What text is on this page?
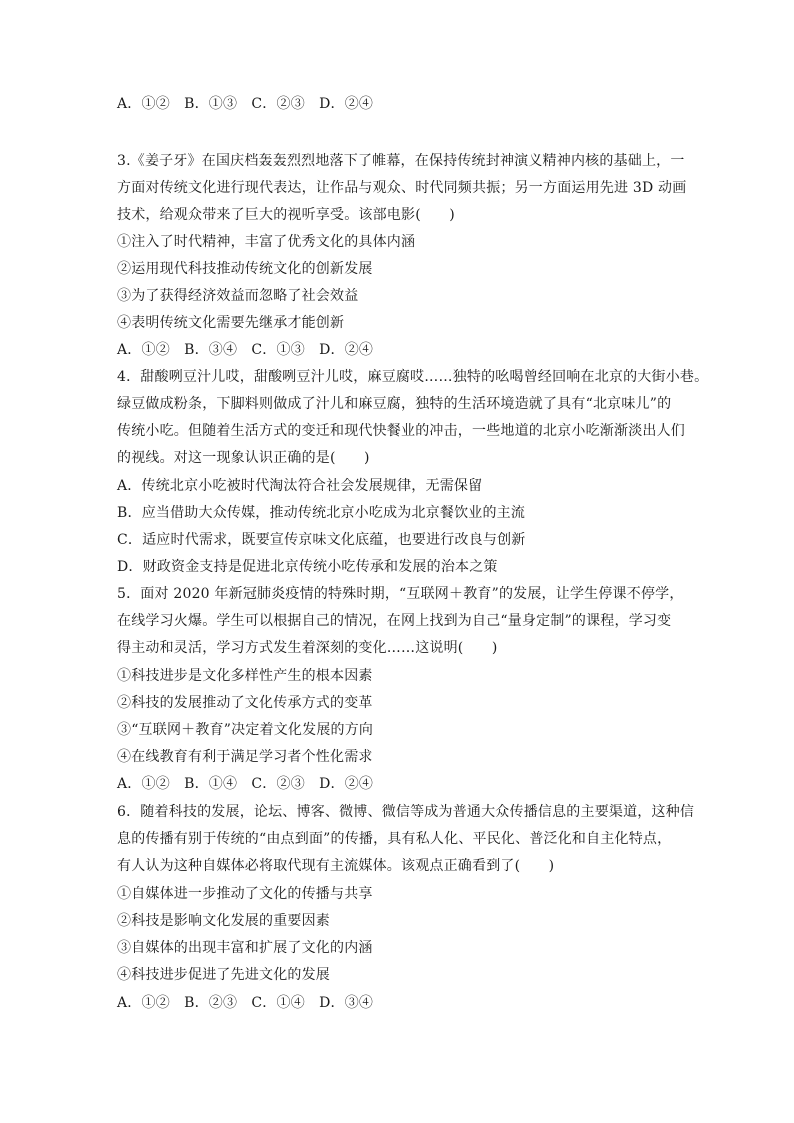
A．①②　B．①③　C．②③　D．②④
3.《姜子牙》在国庆档轰轰烈烈地落下了帷幕，在保持传统封神演义精神内核的基础上，一
方面对传统文化进行现代表达，让作品与观众、时代同频共振；另一方面运用先进 3D 动画
技术，给观众带来了巨大的视听享受。该部电影(　　)
①注入了时代精神，丰富了优秀文化的具体内涵
②运用现代科技推动传统文化的创新发展
③为了获得经济效益而忽略了社会效益
④表明传统文化需要先继承才能创新
A．①②　B．③④　C．①③　D．②④
4．甜酸咧豆汁儿哎，甜酸咧豆汁儿哎，麻豆腐哎……独特的吆喝曾经回响在北京的大街小巷。
绿豆做成粉条，下脚料则做成了汁儿和麻豆腐，独特的生活环境造就了具有“北京味儿”的
传统小吃。但随着生活方式的变迁和现代快餐业的冲击，一些地道的北京小吃渐渐淡出人们
的视线。对这一现象认识正确的是(　　)
A．传统北京小吃被时代淘汰符合社会发展规律，无需保留
B．应当借助大众传媒，推动传统北京小吃成为北京餐饮业的主流
C．适应时代需求，既要宣传京味文化底蕴，也要进行改良与创新
D．财政资金支持是促进北京传统小吃传承和发展的治本之策
5．面对 2020 年新冠肺炎疫情的特殊时期，“互联网＋教育”的发展，让学生停课不停学，
在线学习火爆。学生可以根据自己的情况，在网上找到为自己“量身定制”的课程，学习变
得主动和灵活，学习方式发生着深刻的变化……这说明(　　)
①科技进步是文化多样性产生的根本因素
②科技的发展推动了文化传承方式的变革
③“互联网＋教育”决定着文化发展的方向
④在线教育有利于满足学习者个性化需求
A．①②　B．①④　C．②③　D．②④
6．随着科技的发展，论坛、博客、微博、微信等成为普通大众传播信息的主要渠道，这种信
息的传播有别于传统的“由点到面”的传播，具有私人化、平民化、普泛化和自主化特点，
有人认为这种自媒体必将取代现有主流媒体。该观点正确看到了(　　)
①自媒体进一步推动了文化的传播与共享
②科技是影响文化发展的重要因素
③自媒体的出现丰富和扩展了文化的内涵
④科技进步促进了先进文化的发展
A．①②　B．②③　C．①④　D．③④
